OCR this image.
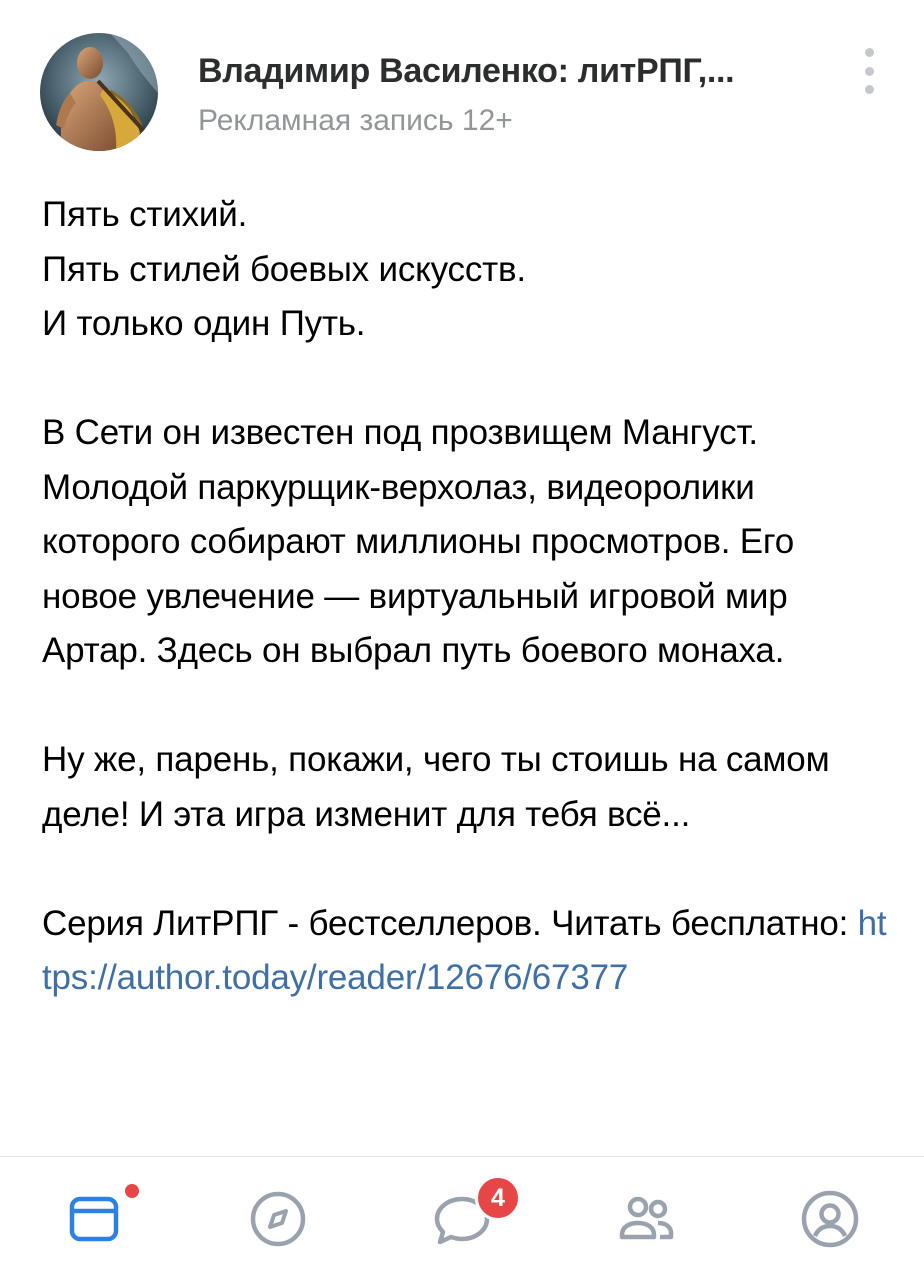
Владимир Василенко: литРПГ,...
Рекламная запись 12+

Пять стихий.
Пять стилей боевых искусств.
И только один Путь.

В Сети он известен под прозвищем Мангуст. Молодой паркурщик-верхолаз, видеоролики которого собирают миллионы просмотров. Его новое увлечение — виртуальный игровой мир Артар. Здесь он выбрал путь боевого монаха.

Ну же, парень, покажи, чего ты стоишь на самом деле! И эта игра изменит для тебя всё...

Серия ЛитРПГ - бестселлеров. Читать бесплатно: https://author.today/reader/12676/67377

4
